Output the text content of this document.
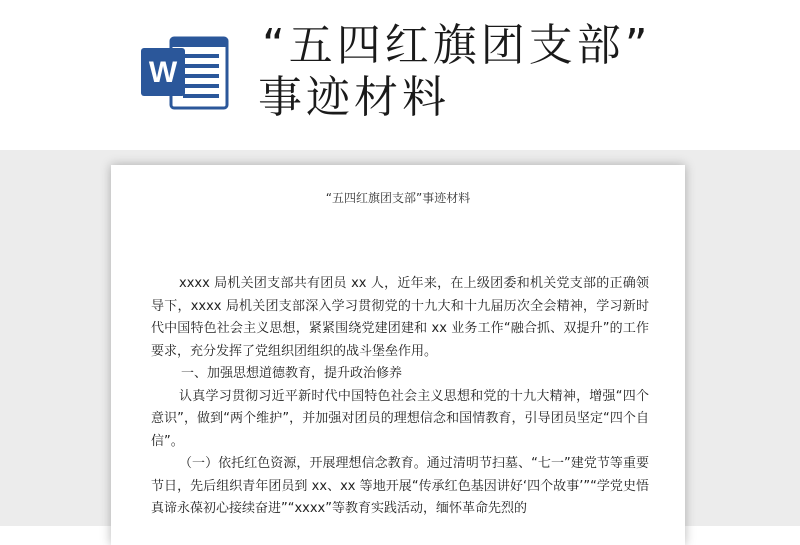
W
“五四红旗团支部”
事迹材料
“五四红旗团支部”事迹材料

xxxx 局机关团支部共有团员 xx 人，近年来，在上级团委和机关党支部的正确领导下，xxxx 局机关团支部深入学习贯彻党的十九大和十九届历次全会精神，学习新时代中国特色社会主义思想，紧紧围绕党建团建和 xx 业务工作“融合抓、双提升”的工作要求，充分发挥了党组织团组织的战斗堡垒作用。

一、加强思想道德教育，提升政治修养

认真学习贯彻习近平新时代中国特色社会主义思想和党的十九大精神，增强“四个意识”，做到“两个维护”，并加强对团员的理想信念和国情教育，引导团员坚定“四个自信”。

（一）依托红色资源，开展理想信念教育。通过清明节扫墓、“七一”建党节等重要节日，先后组织青年团员到 xx、xx 等地开展“传承红色基因讲好‘四个故事’”“学党史悟真谛永葆初心接续奋进”“xxxx”等教育实践活动，缅怀革命先烈的
